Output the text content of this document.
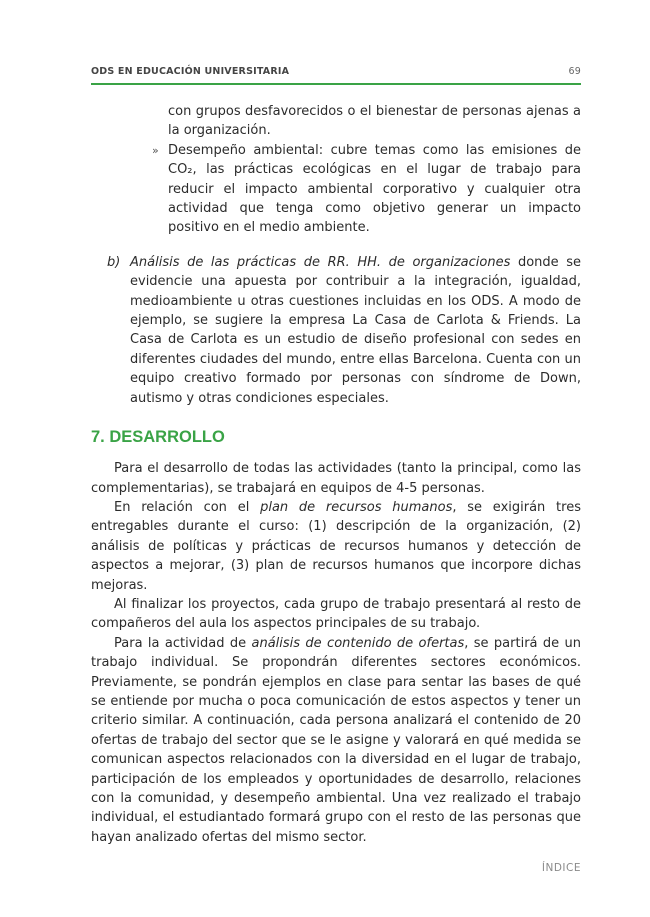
ODS EN EDUCACIÓN UNIVERSITARIA	69

con grupos desfavorecidos o el bienestar de personas ajenas a la organización.

» Desempeño ambiental: cubre temas como las emisiones de CO₂, las prácticas ecológicas en el lugar de trabajo para reducir el impacto ambiental corporativo y cualquier otra actividad que tenga como objetivo generar un impacto positivo en el medio ambiente.

b) Análisis de las prácticas de RR. HH. de organizaciones donde se evidencie una apuesta por contribuir a la integración, igualdad, medioambiente u otras cuestiones incluidas en los ODS. A modo de ejemplo, se sugiere la empresa La Casa de Carlota & Friends. La Casa de Carlota es un estudio de diseño profesional con sedes en diferentes ciudades del mundo, entre ellas Barcelona. Cuenta con un equipo creativo formado por personas con síndrome de Down, autismo y otras condiciones especiales.

7. DESARROLLO

Para el desarrollo de todas las actividades (tanto la principal, como las complementarias), se trabajará en equipos de 4-5 personas.

En relación con el plan de recursos humanos, se exigirán tres entregables durante el curso: (1) descripción de la organización, (2) análisis de políticas y prácticas de recursos humanos y detección de aspectos a mejorar, (3) plan de recursos humanos que incorpore dichas mejoras.

Al finalizar los proyectos, cada grupo de trabajo presentará al resto de compañeros del aula los aspectos principales de su trabajo.

Para la actividad de análisis de contenido de ofertas, se partirá de un trabajo individual. Se propondrán diferentes sectores económicos. Previamente, se pondrán ejemplos en clase para sentar las bases de qué se entiende por mucha o poca comunicación de estos aspectos y tener un criterio similar. A continuación, cada persona analizará el contenido de 20 ofertas de trabajo del sector que se le asigne y valorará en qué medida se comunican aspectos relacionados con la diversidad en el lugar de trabajo, participación de los empleados y oportunidades de desarrollo, relaciones con la comunidad, y desempeño ambiental. Una vez realizado el trabajo individual, el estudiantado formará grupo con el resto de las personas que hayan analizado ofertas del mismo sector.

ÍNDICE
